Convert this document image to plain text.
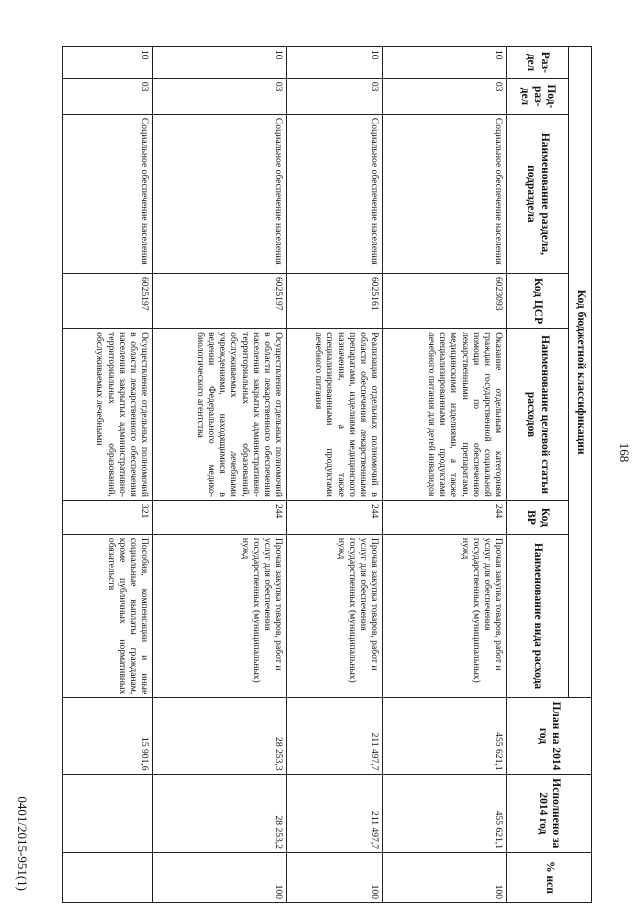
168
Код бюджетной классификации							План на 2014 год	Исполнено за 2014 год	% исп
Раз-дел	Под-раз-дел	Наименование раздела, подраздела	Код ЦСР	Наименование целевой статьи расходов	Код ВР	Наименование вида расхода			
10	03	Социальное обеспечение населения	6023093	Оказание отдельным категориям граждан государственной социальной помощи по обеспечению лекарственными препаратами, медицинскими изделиями, а также специализированными продуктами лечебного питания для детей инвалидов	244	Прочая закупка товаров, работ и услуг для обеспечения государственных (муниципальных) нужд	455 621,1	455 621,1	100
10	03	Социальное обеспечение населения	6025161	Реализация отдельных полномочий в области обеспечения лекарственными препаратами, изделиями медицинского назначения, а также специализированными продуктами лечебного питания	244	Прочая закупка товаров, работ и услуг для обеспечения государственных (муниципальных) нужд	211 497,7	211 497,7	100
10	03	Социальное обеспечение населения	6025197	Осуществление отдельных полномочий в области лекарственного обеспечения населения закрытых административно-территориальных образований, обслуживаемых лечебными учреждениями, находящимися в ведении Федерального медико-биологического агентства	244	Прочая закупка товаров, работ и услуг для обеспечения государственных (муниципальных) нужд	28 253,3	28 253,2	100
10	03	Социальное обеспечение населения	6025197	Осуществление отдельных полномочий в области лекарственного обеспечения населения закрытых административно-территориальных образований, обслуживаемых лечебными	321	Пособия, компенсации и иные социальные выплаты гражданам, кроме публичных нормативных обязательств	15 901,6		
0401/2015-951(1)
